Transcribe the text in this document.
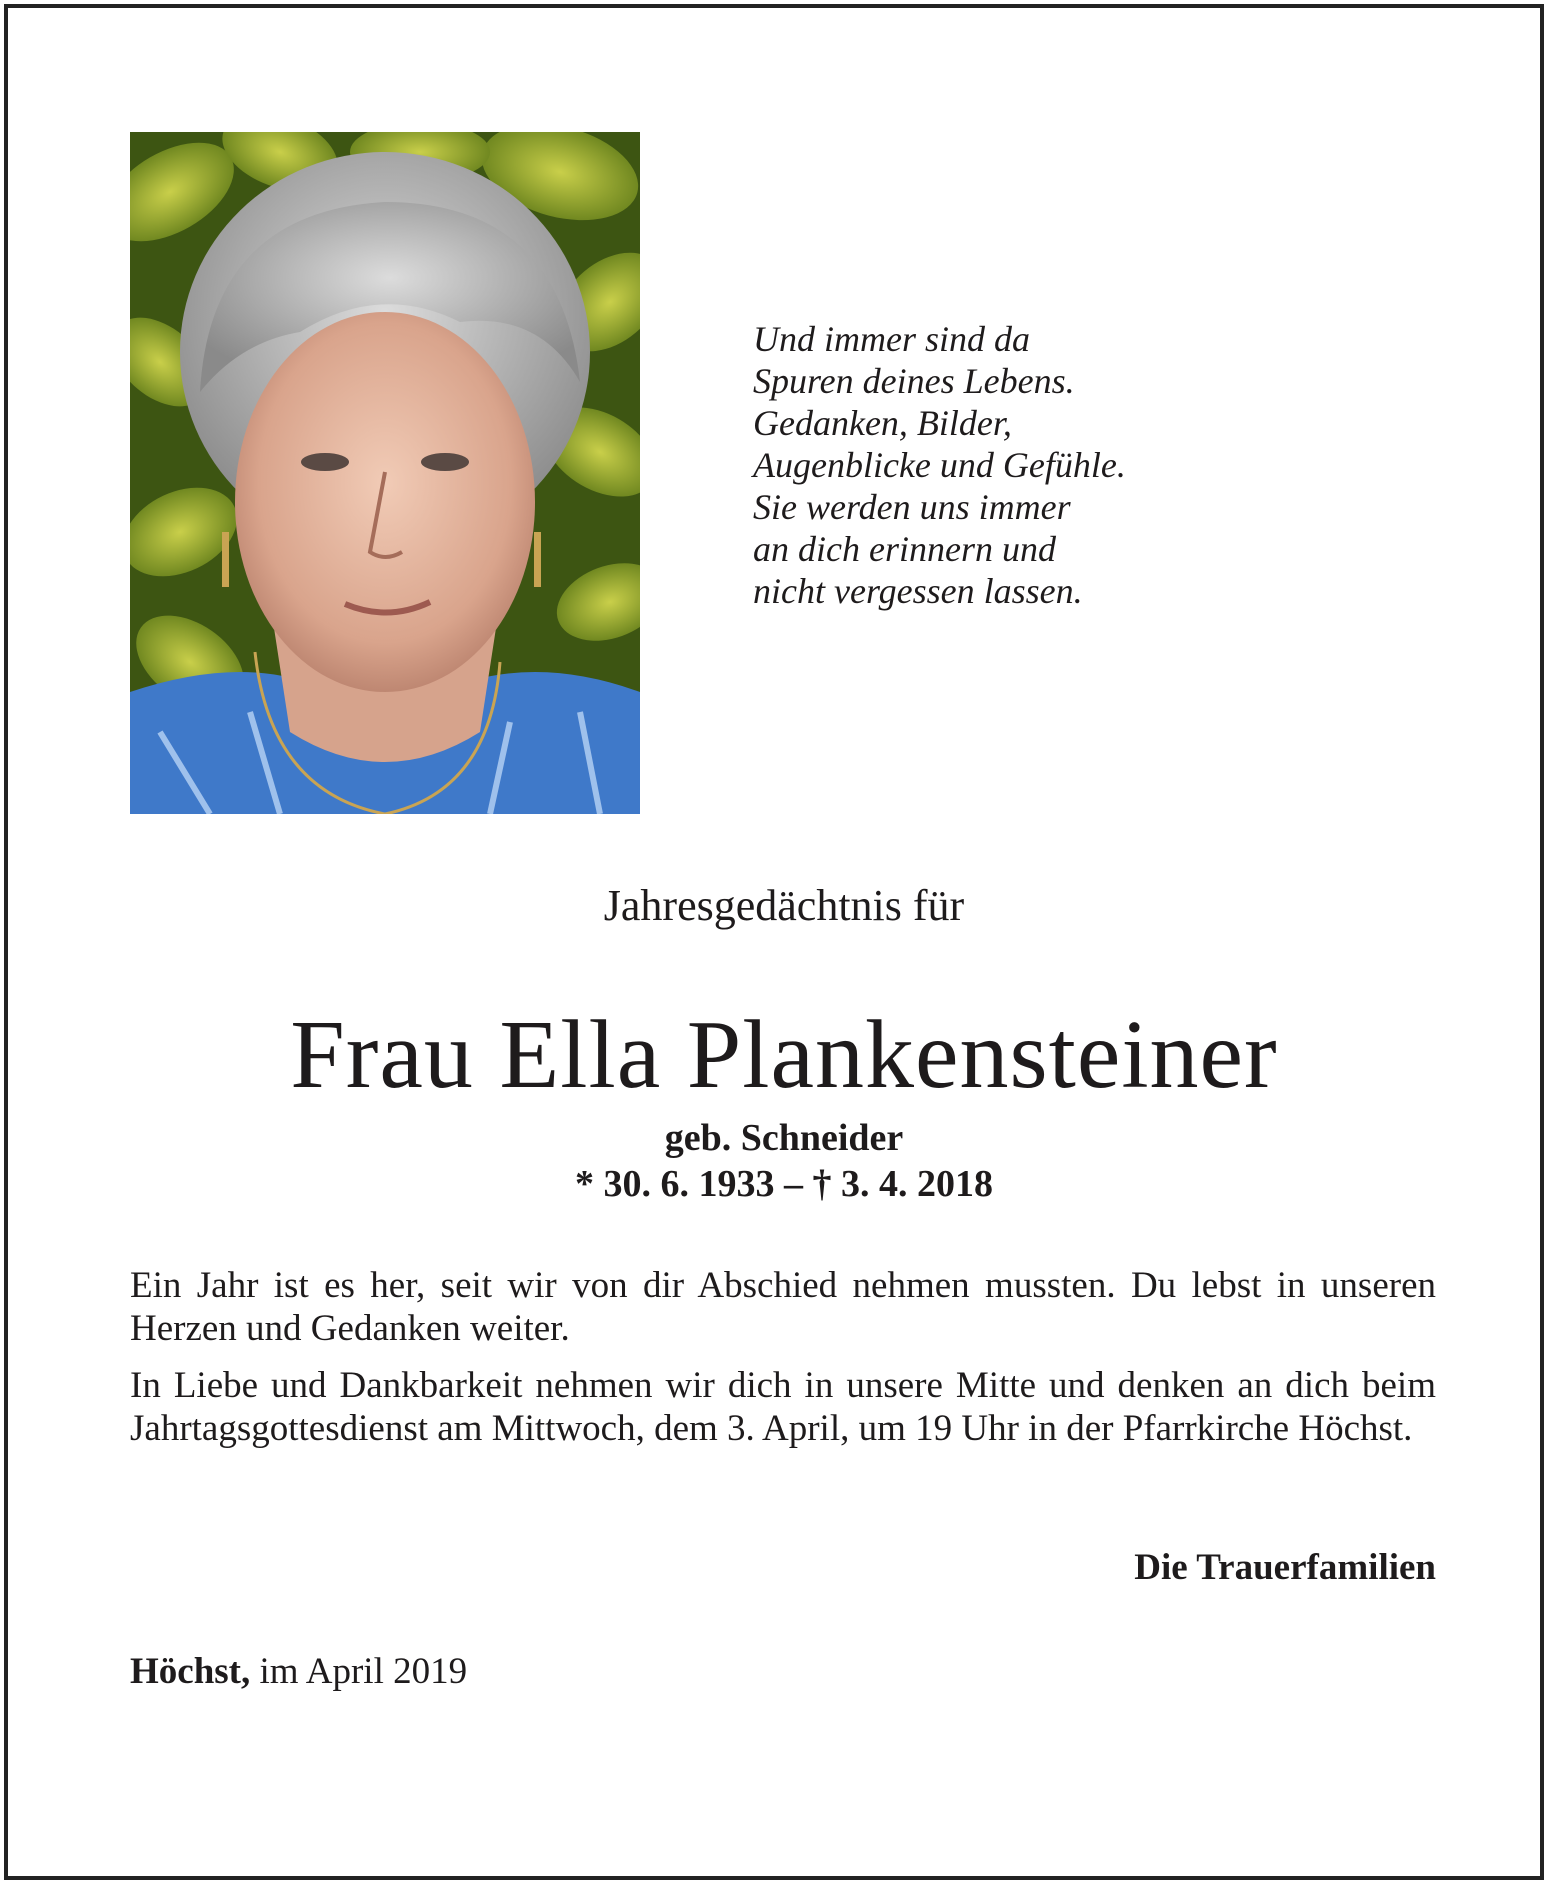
Und immer sind da
Spuren deines Lebens.
Gedanken, Bilder,
Augenblicke und Gefühle.
Sie werden uns immer
an dich erinnern und
nicht vergessen lassen.
Jahresgedächtnis für
Frau Ella Plankensteiner
geb. Schneider
* 30. 6. 1933 – † 3. 4. 2018
Ein Jahr ist es her, seit wir von dir Abschied nehmen mussten. Du lebst in unseren Herzen und Gedanken weiter.
In Liebe und Dankbarkeit nehmen wir dich in unsere Mitte und denken an dich beim Jahrtagsgottesdienst am Mittwoch, dem 3. April, um 19 Uhr in der Pfarrkirche Höchst.
Die Trauerfamilien
Höchst, im April 2019
